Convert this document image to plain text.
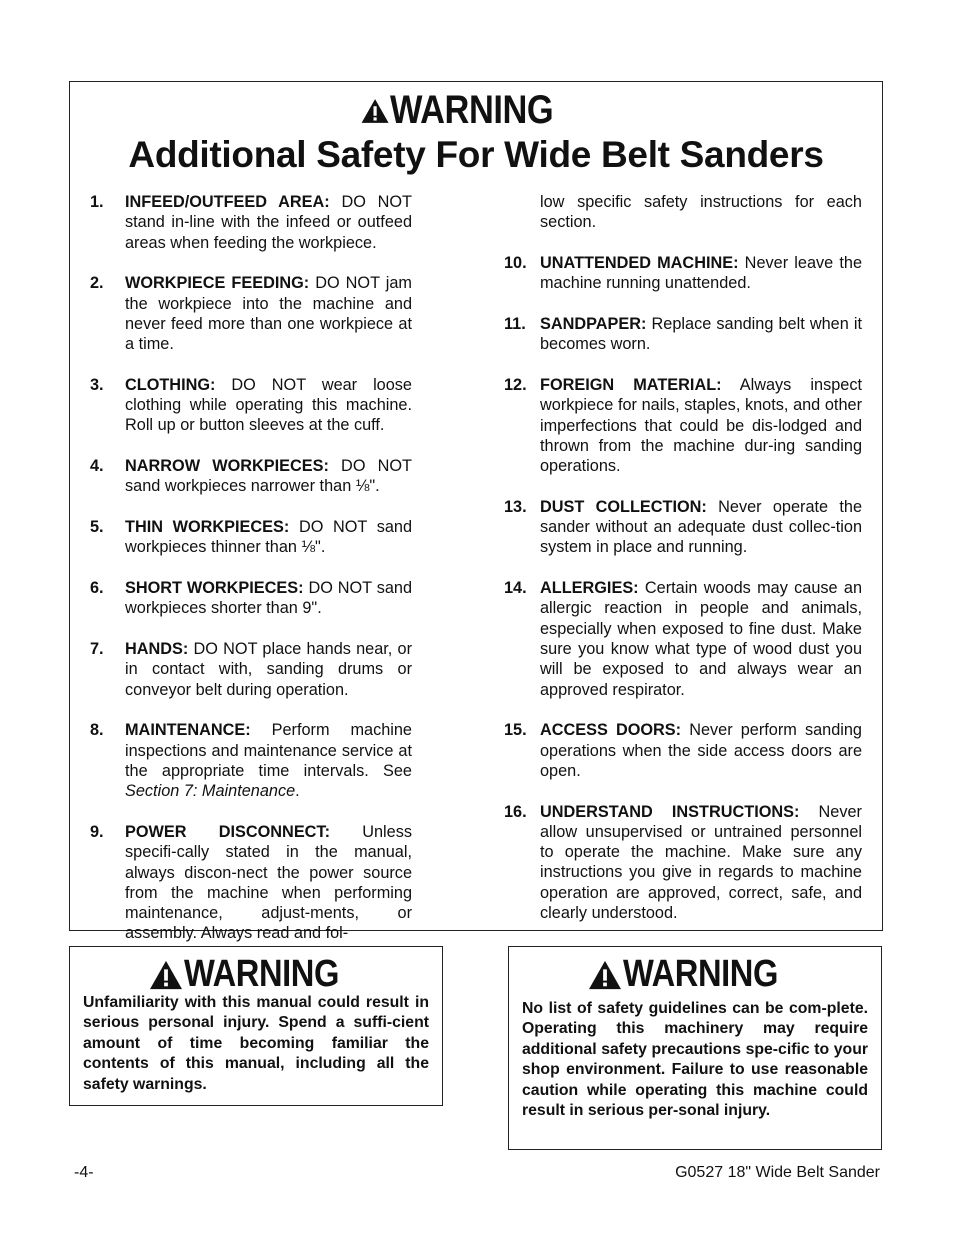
WARNING
Additional Safety For Wide Belt Sanders
1. INFEED/OUTFEED AREA: DO NOT stand in-line with the infeed or outfeed areas when feeding the workpiece.
2. WORKPIECE FEEDING: DO NOT jam the workpiece into the machine and never feed more than one workpiece at a time.
3. CLOTHING: DO NOT wear loose clothing while operating this machine. Roll up or button sleeves at the cuff.
4. NARROW WORKPIECES: DO NOT sand workpieces narrower than ⅛".
5. THIN WORKPIECES: DO NOT sand workpieces thinner than ⅛".
6. SHORT WORKPIECES: DO NOT sand workpieces shorter than 9".
7. HANDS: DO NOT place hands near, or in contact with, sanding drums or conveyor belt during operation.
8. MAINTENANCE: Perform machine inspections and maintenance service at the appropriate time intervals. See Section 7: Maintenance.
9. POWER DISCONNECT: Unless specifi-cally stated in the manual, always discon-nect the power source from the machine when performing maintenance, adjust-ments, or assembly. Always read and fol-
low specific safety instructions for each section.
10. UNATTENDED MACHINE: Never leave the machine running unattended.
11. SANDPAPER: Replace sanding belt when it becomes worn.
12. FOREIGN MATERIAL: Always inspect workpiece for nails, staples, knots, and other imperfections that could be dis-lodged and thrown from the machine dur-ing sanding operations.
13. DUST COLLECTION: Never operate the sander without an adequate dust collec-tion system in place and running.
14. ALLERGIES: Certain woods may cause an allergic reaction in people and animals, especially when exposed to fine dust. Make sure you know what type of wood dust you will be exposed to and always wear an approved respirator.
15. ACCESS DOORS: Never perform sanding operations when the side access doors are open.
16. UNDERSTAND INSTRUCTIONS: Never allow unsupervised or untrained personnel to operate the machine. Make sure any instructions you give in regards to machine operation are approved, correct, safe, and clearly understood.
WARNING
Unfamiliarity with this manual could result in serious personal injury. Spend a suffi-cient amount of time becoming familiar the contents of this manual, including all the safety warnings.
WARNING
No list of safety guidelines can be com-plete. Operating this machinery may require additional safety precautions spe-cific to your shop environment. Failure to use reasonable caution while operating this machine could result in serious per-sonal injury.
-4-	G0527 18" Wide Belt Sander
